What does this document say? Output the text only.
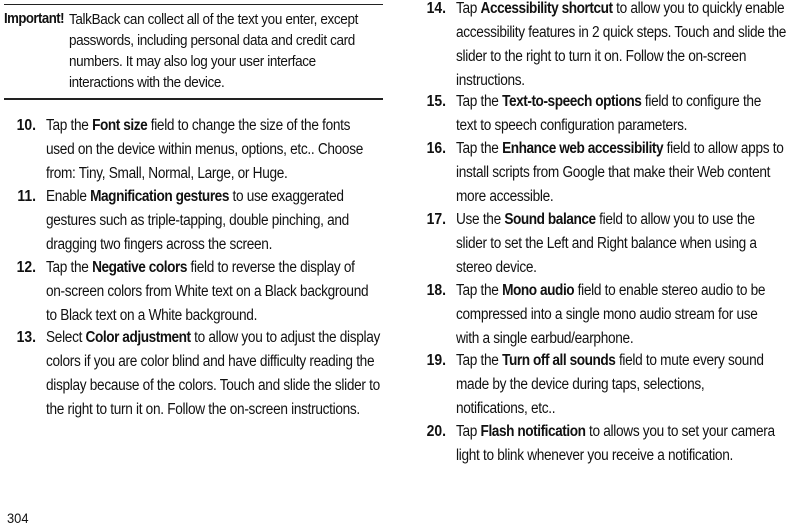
Important! TalkBack can collect all of the text you enter, except passwords, including personal data and credit card numbers. It may also log your user interface interactions with the device.
10. Tap the Font size field to change the size of the fonts used on the device within menus, options, etc.. Choose from: Tiny, Small, Normal, Large, or Huge.
11. Enable Magnification gestures to use exaggerated gestures such as triple-tapping, double pinching, and dragging two fingers across the screen.
12. Tap the Negative colors field to reverse the display of on-screen colors from White text on a Black background to Black text on a White background.
13. Select Color adjustment to allow you to adjust the display colors if you are color blind and have difficulty reading the display because of the colors. Touch and slide the slider to the right to turn it on. Follow the on-screen instructions.
14. Tap Accessibility shortcut to allow you to quickly enable accessibility features in 2 quick steps. Touch and slide the slider to the right to turn it on. Follow the on-screen instructions.
15. Tap the Text-to-speech options field to configure the text to speech configuration parameters.
16. Tap the Enhance web accessibility field to allow apps to install scripts from Google that make their Web content more accessible.
17. Use the Sound balance field to allow you to use the slider to set the Left and Right balance when using a stereo device.
18. Tap the Mono audio field to enable stereo audio to be compressed into a single mono audio stream for use with a single earbud/earphone.
19. Tap the Turn off all sounds field to mute every sound made by the device during taps, selections, notifications, etc..
20. Tap Flash notification to allows you to set your camera light to blink whenever you receive a notification.
304
